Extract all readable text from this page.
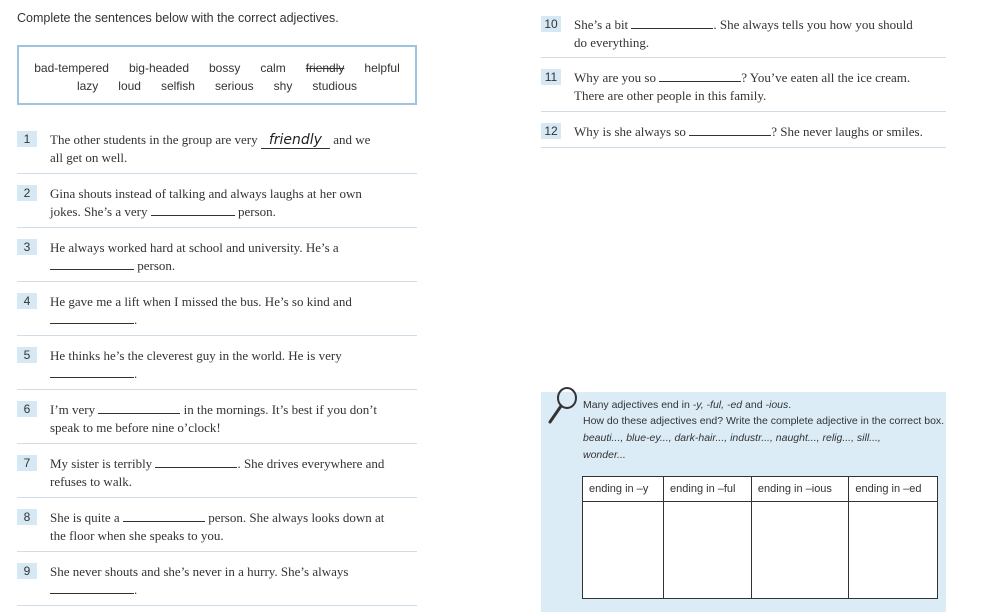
Complete the sentences below with the correct adjectives.
bad-tempered big-headed bossy calm friendly helpful
lazy loud selfish serious shy studious
1	The other students in the group are very friendly and we
all get on well.
2	Gina shouts instead of talking and always laughs at her own
jokes. She’s a very	person.
3	He always worked hard at school and university. He’s a
person.
4	He gave me a lift when I missed the bus. He’s so kind and
.
5	He thinks he’s the cleverest guy in the world. He is very
.
6	I’m very	in the mornings. It’s best if you don’t
speak to me before nine o’clock!
7	My sister is terribly	. She drives everywhere and
refuses to walk.
8	She is quite a	person. She always looks down at
the floor when she speaks to you.
9	She never shouts and she’s never in a hurry. She’s always
.
10 She’s a bit	. She always tells you how you should
do everything.
11 Why are you so	? You’ve eaten all the ice cream.
There are other people in this family.
12 Why is she always so	? She never laughs or smiles.
Many adjectives end in -y, -ful, -ed and -ious.
How do these adjectives end? Write the complete adjective in the correct box.
beauti..., blue-ey..., dark-hair..., industr..., naught..., relig..., sill...,
wonder...
ending in –y	ending in –ful	ending in –ious	ending in –ed
